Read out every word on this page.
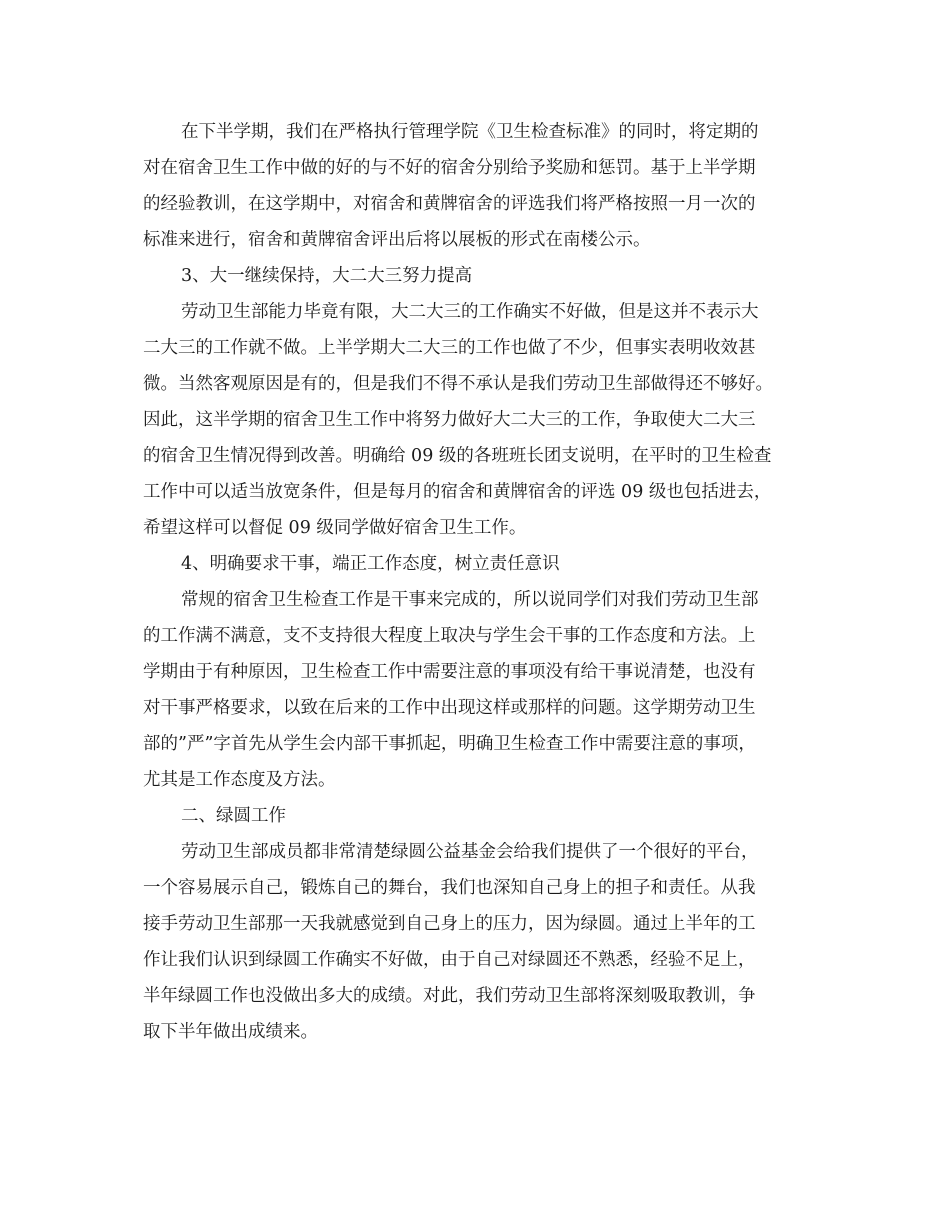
在下半学期，我们在严格执行管理学院《卫生检查标准》的同时，将定期的

对在宿舍卫生工作中做的好的与不好的宿舍分别给予奖励和惩罚。基于上半学期

的经验教训，在这学期中，对宿舍和黄牌宿舍的评选我们将严格按照一月一次的

标准来进行，宿舍和黄牌宿舍评出后将以展板的形式在南楼公示。

3、大一继续保持，大二大三努力提高

劳动卫生部能力毕竟有限，大二大三的工作确实不好做，但是这并不表示大

二大三的工作就不做。上半学期大二大三的工作也做了不少，但事实表明收效甚

微。当然客观原因是有的，但是我们不得不承认是我们劳动卫生部做得还不够好。

因此，这半学期的宿舍卫生工作中将努力做好大二大三的工作，争取使大二大三

的宿舍卫生情况得到改善。明确给 09 级的各班班长团支说明，在平时的卫生检查

工作中可以适当放宽条件，但是每月的宿舍和黄牌宿舍的评选 09 级也包括进去，

希望这样可以督促 09 级同学做好宿舍卫生工作。

4、明确要求干事，端正工作态度，树立责任意识

常规的宿舍卫生检查工作是干事来完成的，所以说同学们对我们劳动卫生部

的工作满不满意，支不支持很大程度上取决与学生会干事的工作态度和方法。上

学期由于有种原因，卫生检查工作中需要注意的事项没有给干事说清楚，也没有

对干事严格要求，以致在后来的工作中出现这样或那样的问题。这学期劳动卫生

部的”严”字首先从学生会内部干事抓起，明确卫生检查工作中需要注意的事项，

尤其是工作态度及方法。

二、绿圆工作

劳动卫生部成员都非常清楚绿圆公益基金会给我们提供了一个很好的平台，

一个容易展示自己，锻炼自己的舞台，我们也深知自己身上的担子和责任。从我

接手劳动卫生部那一天我就感觉到自己身上的压力，因为绿圆。通过上半年的工

作让我们认识到绿圆工作确实不好做，由于自己对绿圆还不熟悉，经验不足上，

半年绿圆工作也没做出多大的成绩。对此，我们劳动卫生部将深刻吸取教训，争

取下半年做出成绩来。
